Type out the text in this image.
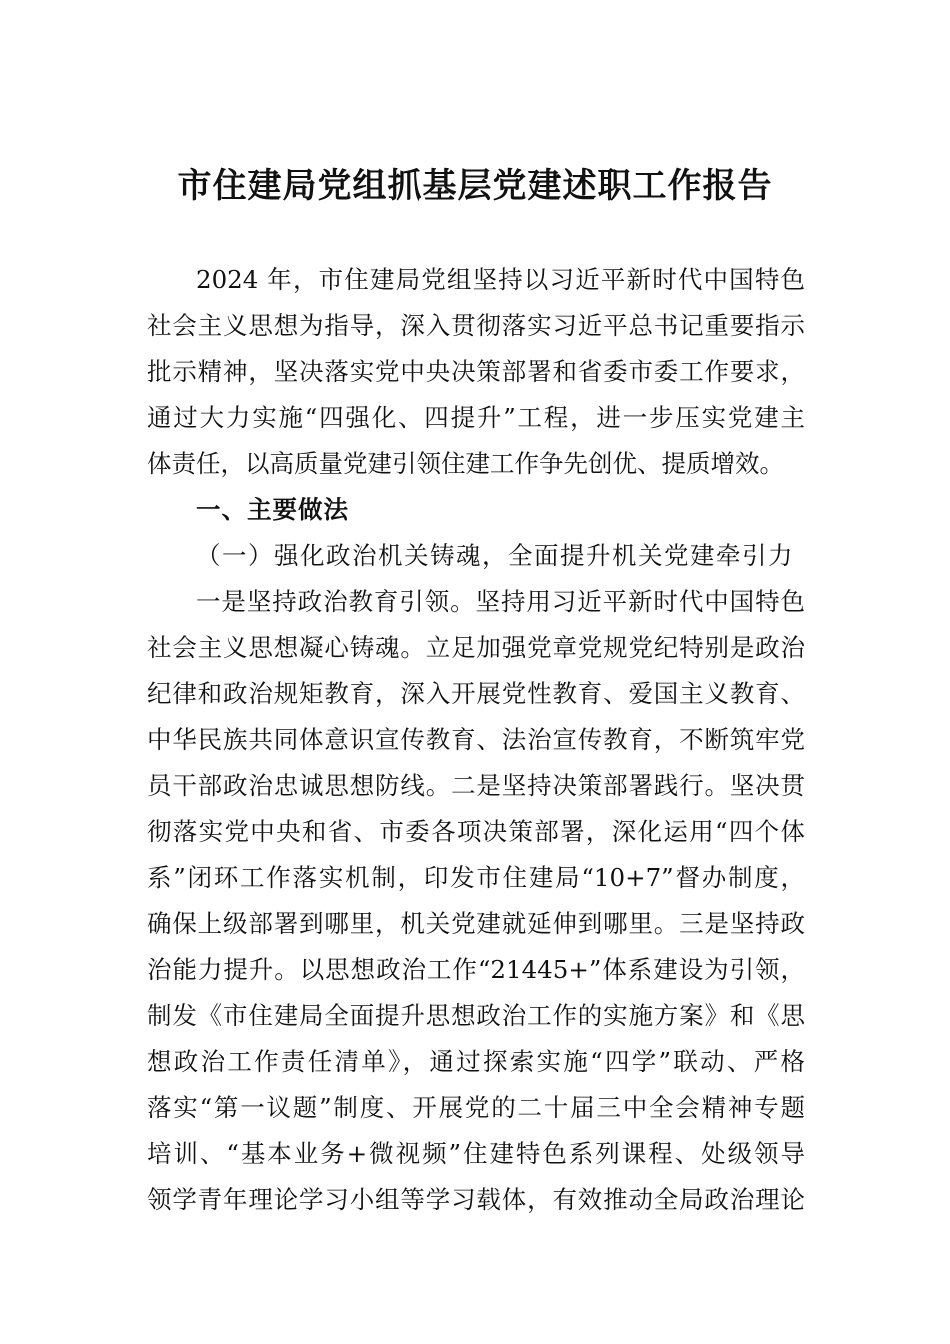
市住建局党组抓基层党建述职工作报告
2024 年，市住建局党组坚持以习近平新时代中国特色
社会主义思想为指导，深入贯彻落实习近平总书记重要指示
批示精神，坚决落实党中央决策部署和省委市委工作要求，
通过大力实施“四强化、四提升”工程，进一步压实党建主
体责任，以高质量党建引领住建工作争先创优、提质增效。
一、主要做法
（一）强化政治机关铸魂，全面提升机关党建牵引力
一是坚持政治教育引领。坚持用习近平新时代中国特色
社会主义思想凝心铸魂。立足加强党章党规党纪特别是政治
纪律和政治规矩教育，深入开展党性教育、爱国主义教育、
中华民族共同体意识宣传教育、法治宣传教育，不断筑牢党
员干部政治忠诚思想防线。二是坚持决策部署践行。坚决贯
彻落实党中央和省、市委各项决策部署，深化运用“四个体
系”闭环工作落实机制，印发市住建局“10+7”督办制度，
确保上级部署到哪里，机关党建就延伸到哪里。三是坚持政
治能力提升。以思想政治工作“21445+”体系建设为引领，
制发《市住建局全面提升思想政治工作的实施方案》和《思
想政治工作责任清单》，通过探索实施“四学”联动、严格
落实“第一议题”制度、开展党的二十届三中全会精神专题
培训、“基本业务+微视频”住建特色系列课程、处级领导
领学青年理论学习小组等学习载体，有效推动全局政治理论
